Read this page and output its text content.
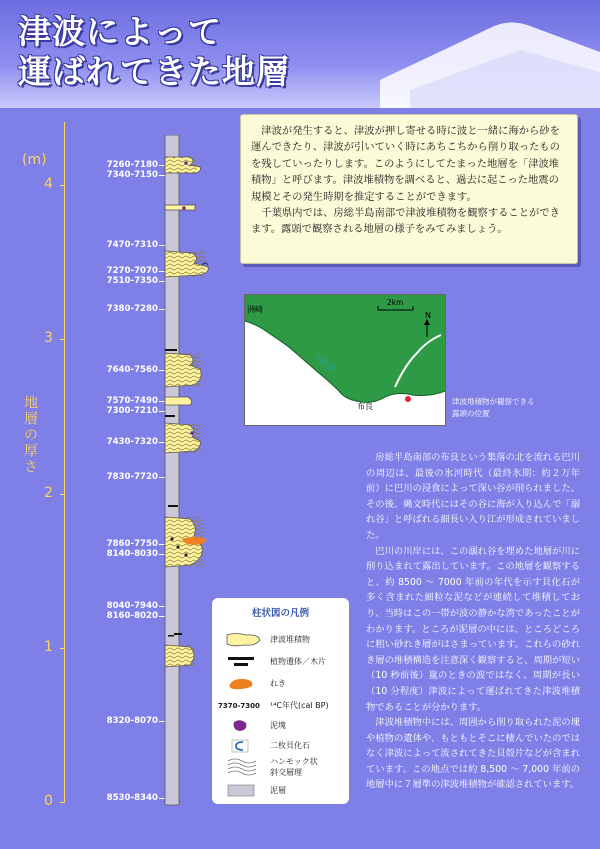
津波によって
運ばれてきた地層

津波が発生すると、津波が押し寄せる時に波と一緒に海から砂を運んできたり、津波が引いていく時にあちこちから削り取ったものを残していったりします。このようにしてたまった地層を「津波堆積物」と呼びます。津波堆積物を調べると、過去に起こった地震の規模とその発生時期を推定することができます。

千葉県内では、房総半島南部で津波堆積物を観察することができます。露頭で観察される地層の様子をみてみましょう。

2km
N
洲崎
平砂浦
布良
津波堆積物が観察できる
露頭の位置

房総半島南部の布良という集落の北を流れる巴川の周辺は、最後の氷河時代（最終氷期：約２万年前）に巴川の浸食によって深い谷が削られました。その後、縄文時代にはその谷に海が入り込んで「溺れ谷」と呼ばれる細長い入り江が形成されていました。

巴川の川岸には、この溺れ谷を埋めた地層が川に削り込まれて露出しています。この地層を観察すると、約 8500 ～ 7000 年前の年代を示す貝化石が多く含まれた細粒な泥などが連続して堆積しており、当時はこの一帯が波の静かな湾であったことがわかります。ところが泥層の中には、ところどころに粗い砂れき層がはさまっています。これらの砂れき層の堆積構造を注意深く観察すると、周期が短い（10 秒前後）嵐のときの波ではなく、周期が長い（10 分程度）津波によって運ばれてきた津波堆積物であることが分かります。

津波堆積物中には、周囲から削り取られた泥の塊や植物の遺体や、もともとそこに棲んでいたのではなく津波によって流されてきた貝殻片などが含まれています。この地点では約 8,500 ～ 7,000 年前の地層中に７層準の津波堆積物が確認されています。

(m)
地層の厚さ
4
3
2
1
0
7260-7180
7340-7150
7470-7310
7270-7070
7510-7350
7380-7280
7640-7560
7570-7490
7300-7210
7430-7320
7830-7720
7860-7750
8140-8030
8040-7940
8160-8020
8320-8070
8530-8340
柱状図の凡例
津波堆積物
植物遺体／木片
れき
7370-7300 ¹⁴C年代(cal BP)
泥塊
二枚貝化石
ハンモック状
斜交層理
泥層
